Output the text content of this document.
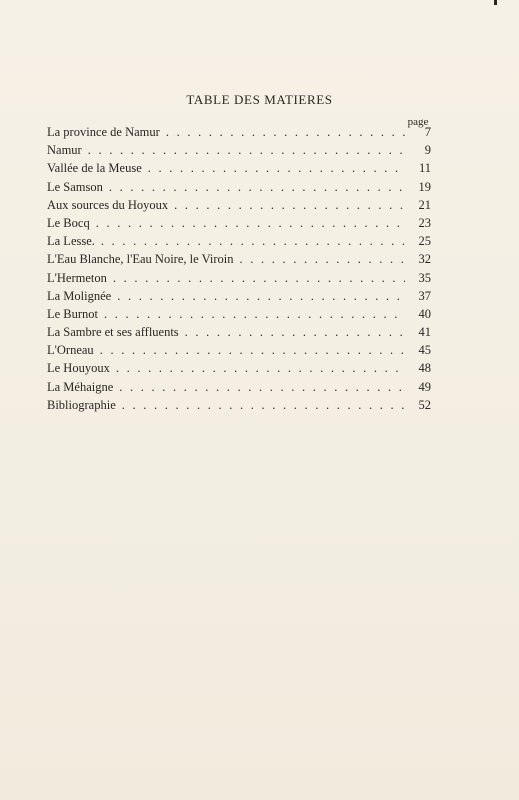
TABLE DES MATIERES
page
La province de Namur . . .	7
Namur . . .	9
Vallée de la Meuse . . .	11
Le Samson . . .	19
Aux sources du Hoyoux . . .	21
Le Bocq . . .	23
La Lesse. . . .	25
L'Eau Blanche, l'Eau Noire, le Viroin . . .	32
L'Hermeton . . .	35
La Molignée . . .	37
Le Burnot . . .	40
La Sambre et ses affluents . . .	41
L'Orneau . . .	45
Le Houyoux . . .	48
La Méhaigne . . .	49
Bibliographie . . .	52
